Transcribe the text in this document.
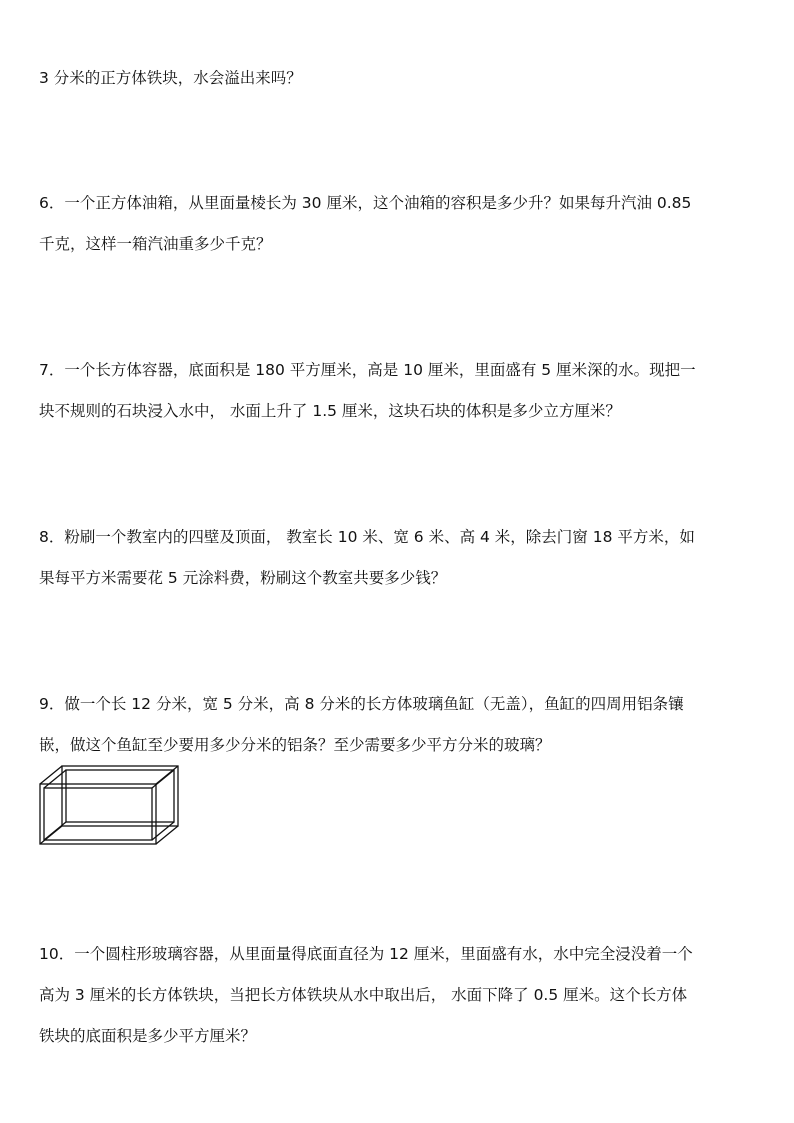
3 分米的正方体铁块，水会溢出来吗？

6．一个正方体油箱，从里面量棱长为 30 厘米，这个油箱的容积是多少升？如果每升汽油 0.85

千克，这样一箱汽油重多少千克？

7．一个长方体容器，底面积是 180 平方厘米，高是 10 厘米，里面盛有 5 厘米深的水。现把一

块不规则的石块浸入水中， 水面上升了 1.5 厘米，这块石块的体积是多少立方厘米？

8．粉刷一个教室内的四壁及顶面， 教室长 10 米、宽 6 米、高 4 米，除去门窗 18 平方米，如

果每平方米需要花 5 元涂料费，粉刷这个教室共要多少钱？

9．做一个长 12 分米，宽 5 分米，高 8 分米的长方体玻璃鱼缸（无盖），鱼缸的四周用铝条镶

嵌，做这个鱼缸至少要用多少分米的铝条？至少需要多少平方分米的玻璃？

10．一个圆柱形玻璃容器，从里面量得底面直径为 12 厘米，里面盛有水，水中完全浸没着一个

高为 3 厘米的长方体铁块，当把长方体铁块从水中取出后， 水面下降了 0.5 厘米。这个长方体

铁块的底面积是多少平方厘米？
